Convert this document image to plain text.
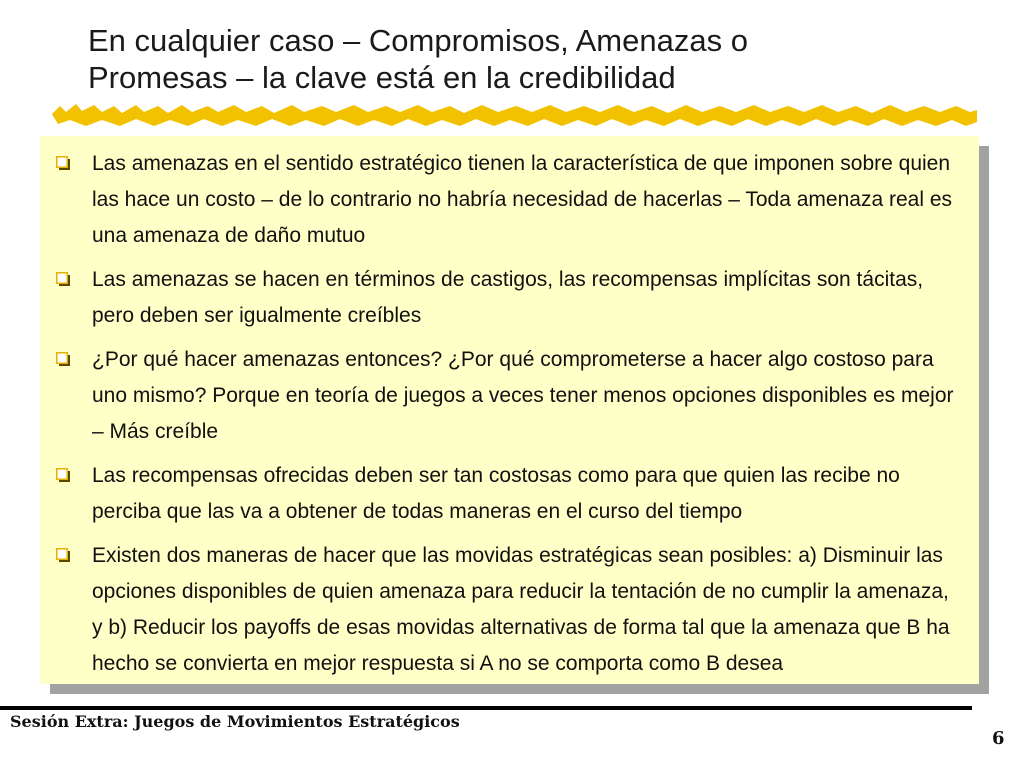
En cualquier caso – Compromisos, Amenazas o
Promesas – la clave está en la credibilidad
Las amenazas en el sentido estratégico tienen la característica de que imponen sobre quien las hace un costo – de lo contrario no habría necesidad de hacerlas – Toda amenaza real es una amenaza de daño mutuo
Las amenazas se hacen en términos de castigos, las recompensas implícitas son tácitas, pero deben ser igualmente creíbles
¿Por qué hacer amenazas entonces? ¿Por qué comprometerse a hacer algo costoso para uno mismo? Porque en teoría de juegos a veces tener menos opciones disponibles es mejor – Más creíble
Las recompensas ofrecidas deben ser tan costosas como para que quien las recibe no perciba que las va a obtener de todas maneras en el curso del tiempo
Existen dos maneras de hacer que las movidas estratégicas sean posibles: a) Disminuir las opciones disponibles de quien amenaza para reducir la tentación de no cumplir la amenaza, y b) Reducir los payoffs de esas movidas alternativas de forma tal que la amenaza que B ha hecho se convierta en mejor respuesta si A no se comporta como B desea
Sesión Extra: Juegos de Movimientos Estratégicos
6
